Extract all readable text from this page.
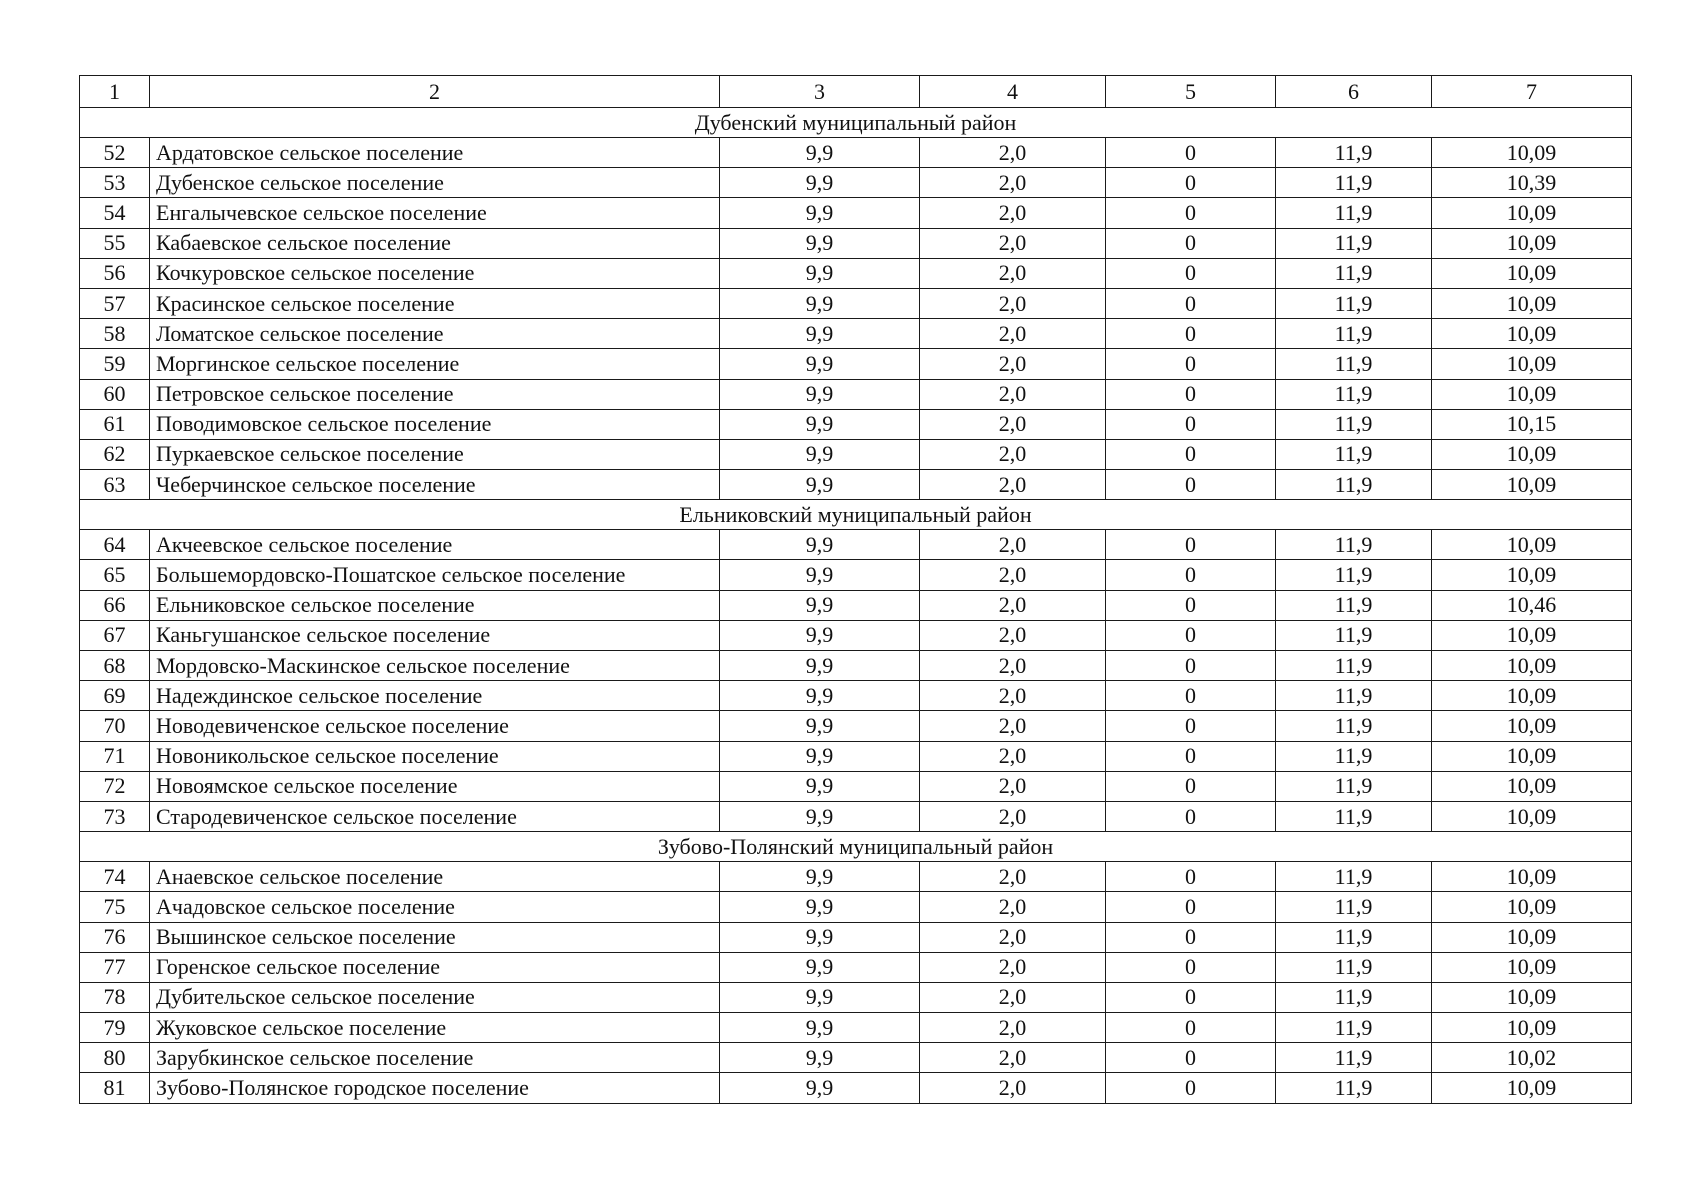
1	2	3	4	5	6	7
Дубенский муниципальный район						
52	Ардатовское сельское поселение	9,9	2,0	0	11,9	10,09
53	Дубенское сельское поселение	9,9	2,0	0	11,9	10,39
54	Енгалычевское сельское поселение	9,9	2,0	0	11,9	10,09
55	Кабаевское сельское поселение	9,9	2,0	0	11,9	10,09
56	Кочкуровское сельское поселение	9,9	2,0	0	11,9	10,09
57	Красинское сельское поселение	9,9	2,0	0	11,9	10,09
58	Ломатское сельское поселение	9,9	2,0	0	11,9	10,09
59	Моргинское сельское поселение	9,9	2,0	0	11,9	10,09
60	Петровское сельское поселение	9,9	2,0	0	11,9	10,09
61	Поводимовское сельское поселение	9,9	2,0	0	11,9	10,15
62	Пуркаевское сельское поселение	9,9	2,0	0	11,9	10,09
63	Чеберчинское сельское поселение	9,9	2,0	0	11,9	10,09
Ельниковский муниципальный район						
64	Акчеевское сельское поселение	9,9	2,0	0	11,9	10,09
65	Большемордовско-Пошатское сельское поселение	9,9	2,0	0	11,9	10,09
66	Ельниковское сельское поселение	9,9	2,0	0	11,9	10,46
67	Каньгушанское сельское поселение	9,9	2,0	0	11,9	10,09
68	Мордовско-Маскинское сельское поселение	9,9	2,0	0	11,9	10,09
69	Надеждинское сельское поселение	9,9	2,0	0	11,9	10,09
70	Новодевиченское сельское поселение	9,9	2,0	0	11,9	10,09
71	Новоникольское сельское поселение	9,9	2,0	0	11,9	10,09
72	Новоямское сельское поселение	9,9	2,0	0	11,9	10,09
73	Стародевиченское сельское поселение	9,9	2,0	0	11,9	10,09
Зубово-Полянский муниципальный район						
74	Анаевское сельское поселение	9,9	2,0	0	11,9	10,09
75	Ачадовское сельское поселение	9,9	2,0	0	11,9	10,09
76	Вышинское сельское поселение	9,9	2,0	0	11,9	10,09
77	Горенское сельское поселение	9,9	2,0	0	11,9	10,09
78	Дубительское сельское поселение	9,9	2,0	0	11,9	10,09
79	Жуковское сельское поселение	9,9	2,0	0	11,9	10,09
80	Зарубкинское сельское поселение	9,9	2,0	0	11,9	10,02
81	Зубово-Полянское городское поселение	9,9	2,0	0	11,9	10,09
